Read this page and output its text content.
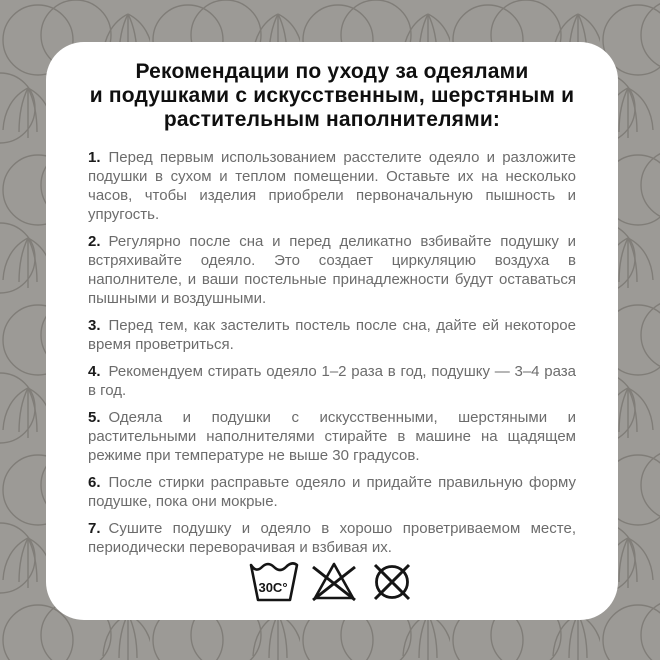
Рекомендации по уходу за одеялами
и подушками с искусственным, шерстяным и
растительным наполнителями:

1. Перед первым использованием расстелите одеяло и разложите подушки в сухом и теплом помещении. Оставьте их на несколько часов, чтобы изделия приобрели первоначальную пышность и упругость.

2. Регулярно после сна и перед деликатно взбивайте подушку и встряхивайте одеяло. Это создает циркуляцию воздуха в наполнителе, и ваши постельные принадлежности будут оставаться пышными и воздушными.

3. Перед тем, как застелить постель после сна, дайте ей некоторое время проветриться.

4. Рекомендуем стирать одеяло 1–2 раза в год, подушку — 3–4 раза в год.

5. Одеяла и подушки с искусственными, шерстяными и растительными наполнителями стирайте в машине на щадящем режиме при температуре не выше 30 градусов.

6. После стирки расправьте одеяло и придайте правильную форму подушке, пока они мокрые.

7. Сушите подушку и одеяло в хорошо проветриваемом месте, периодически переворачивая и взбивая их.

30C°
